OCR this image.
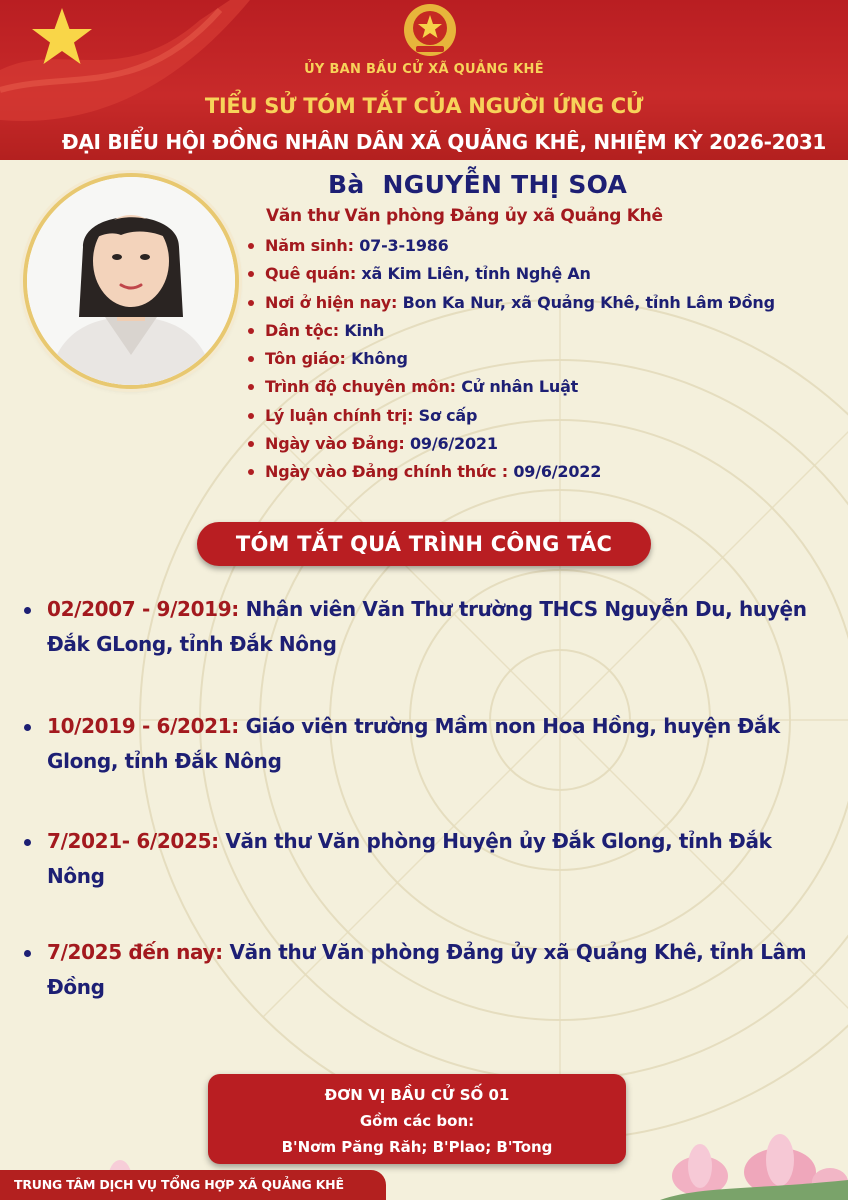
ỦY BAN BẦU CỬ XÃ QUẢNG KHÊ
TIỂU SỬ TÓM TẮT CỦA NGƯỜI ỨNG CỬ
ĐẠI BIỂU HỘI ĐỒNG NHÂN DÂN XÃ QUẢNG KHÊ, NHIỆM KỲ 2026-2031
Bà  NGUYỄN THỊ SOA
Văn thư Văn phòng Đảng ủy xã Quảng Khê
Năm sinh: 07-3-1986
Quê quán: xã Kim Liên, tỉnh Nghệ An
Nơi ở hiện nay: Bon Ka Nur, xã Quảng Khê, tỉnh Lâm Đồng
Dân tộc: Kinh
Tôn giáo: Không
Trình độ chuyên môn: Cử nhân Luật
Lý luận chính trị: Sơ cấp
Ngày vào Đảng: 09/6/2021
Ngày vào Đảng chính thức : 09/6/2022
TÓM TẮT QUÁ TRÌNH CÔNG TÁC
02/2007 - 9/2019: Nhân viên Văn Thư trường THCS Nguyễn Du, huyện Đắk GLong, tỉnh Đắk Nông
10/2019 - 6/2021: Giáo viên trường Mầm non Hoa Hồng, huyện Đắk Glong, tỉnh Đắk Nông
7/2021- 6/2025: Văn thư Văn phòng Huyện ủy Đắk Glong, tỉnh Đắk Nông
7/2025 đến nay: Văn thư Văn phòng Đảng ủy xã Quảng Khê, tỉnh Lâm Đồng
ĐƠN VỊ BẦU CỬ SỐ 01
Gồm các bon:
B'Nơm Păng Răh; B'Plao; B'Tong
TRUNG TÂM DỊCH VỤ TỔNG HỢP XÃ QUẢNG KHÊ
